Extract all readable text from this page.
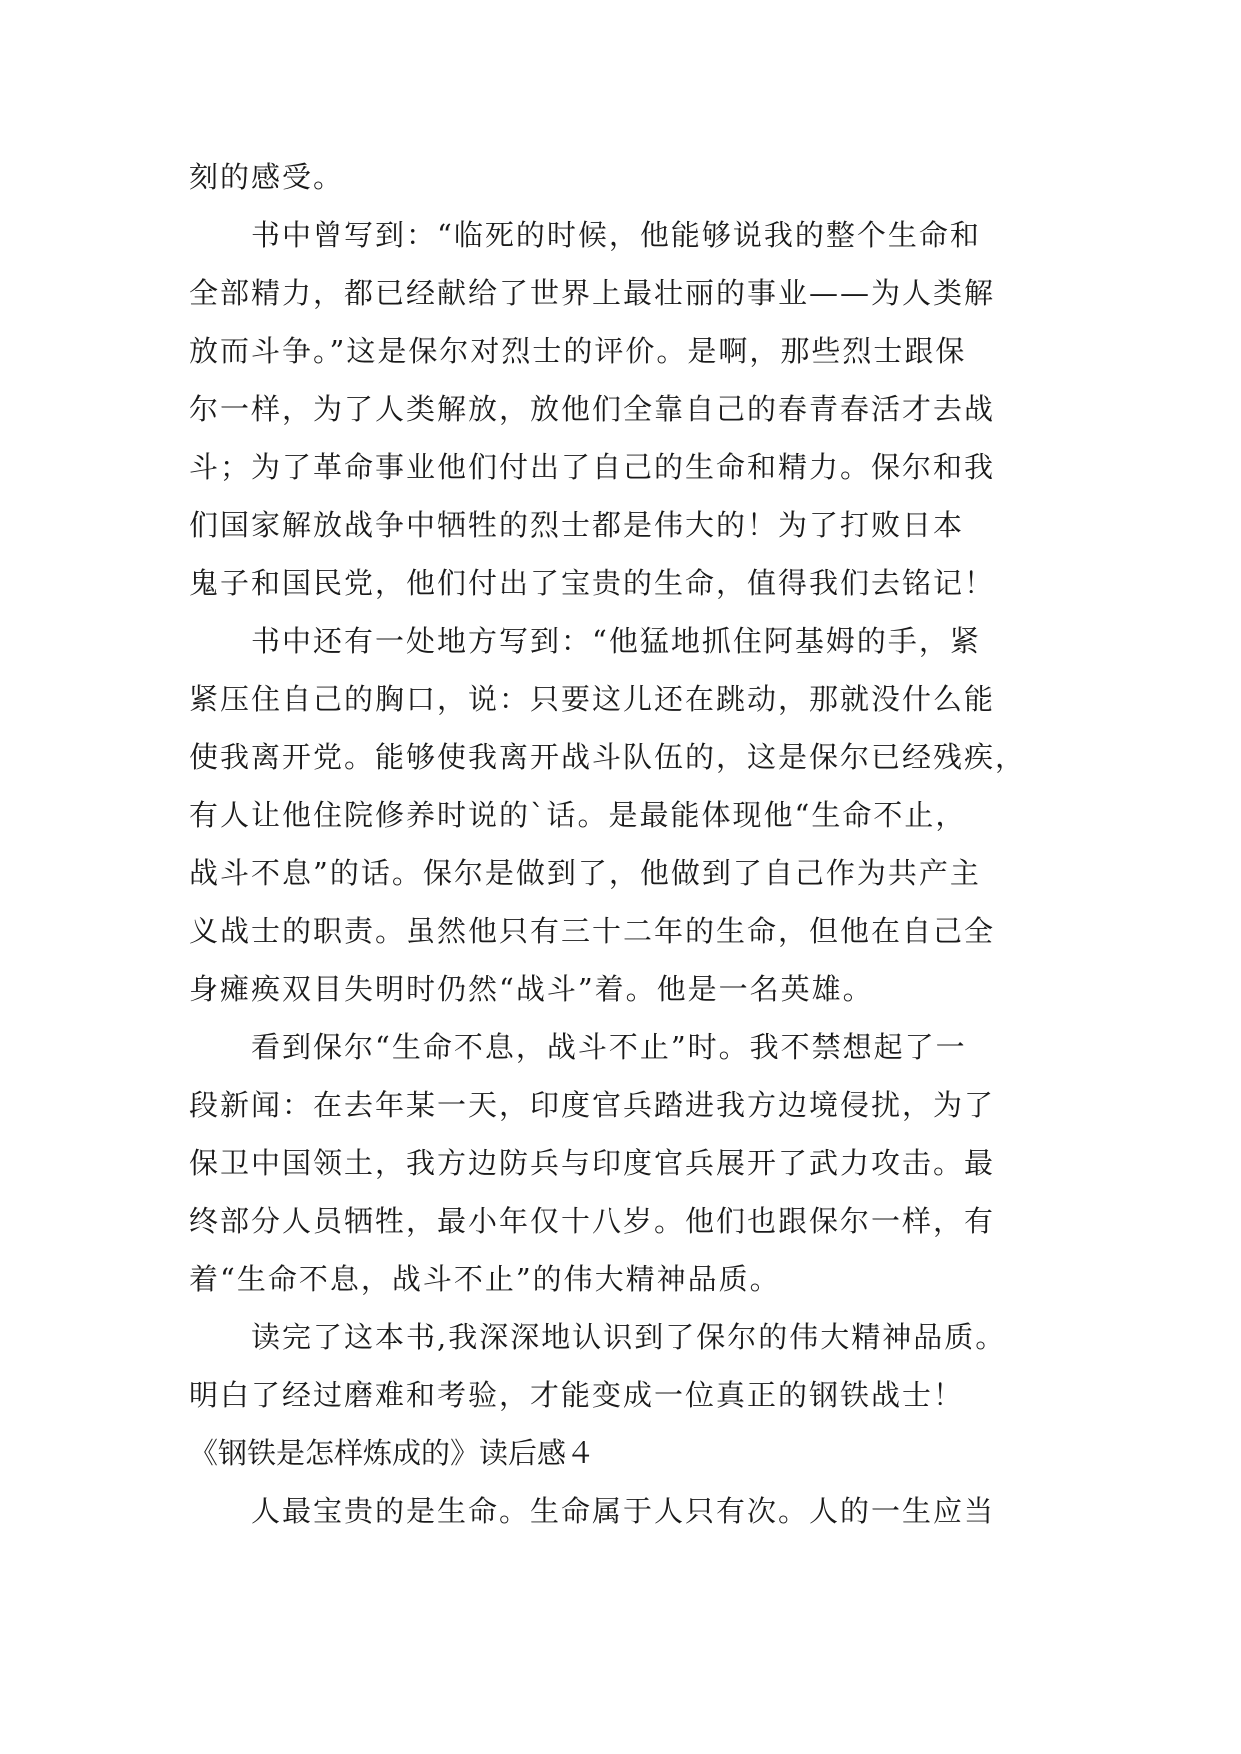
刻的感受。

书中曾写到：“临死的时候，他能够说我的整个生命和

全部精力，都已经献给了世界上最壮丽的事业——为人类解

放而斗争。”这是保尔对烈士的评价。是啊，那些烈士跟保

尔一样，为了人类解放，放他们全靠自己的春青春活才去战

斗；为了革命事业他们付出了自己的生命和精力。保尔和我

们国家解放战争中牺牲的烈士都是伟大的！为了打败日本

鬼子和国民党，他们付出了宝贵的生命，值得我们去铭记！

书中还有一处地方写到：“他猛地抓住阿基姆的手，紧

紧压住自己的胸口，说：只要这儿还在跳动，那就没什么能

使我离开党。能够使我离开战斗队伍的，这是保尔已经残疾，

有人让他住院修养时说的`话。是最能体现他“生命不止，

战斗不息”的话。保尔是做到了，他做到了自己作为共产主

义战士的职责。虽然他只有三十二年的生命，但他在自己全

身瘫痪双目失明时仍然“战斗”着。他是一名英雄。

看到保尔“生命不息，战斗不止”时。我不禁想起了一

段新闻：在去年某一天，印度官兵踏进我方边境侵扰，为了

保卫中国领土，我方边防兵与印度官兵展开了武力攻击。最

终部分人员牺牲，最小年仅十八岁。他们也跟保尔一样，有

着“生命不息，战斗不止”的伟大精神品质。

读完了这本书,我深深地认识到了保尔的伟大精神品质。

明白了经过磨难和考验，才能变成一位真正的钢铁战士！

《钢铁是怎样炼成的》读后感４

人最宝贵的是生命。生命属于人只有次。人的一生应当
